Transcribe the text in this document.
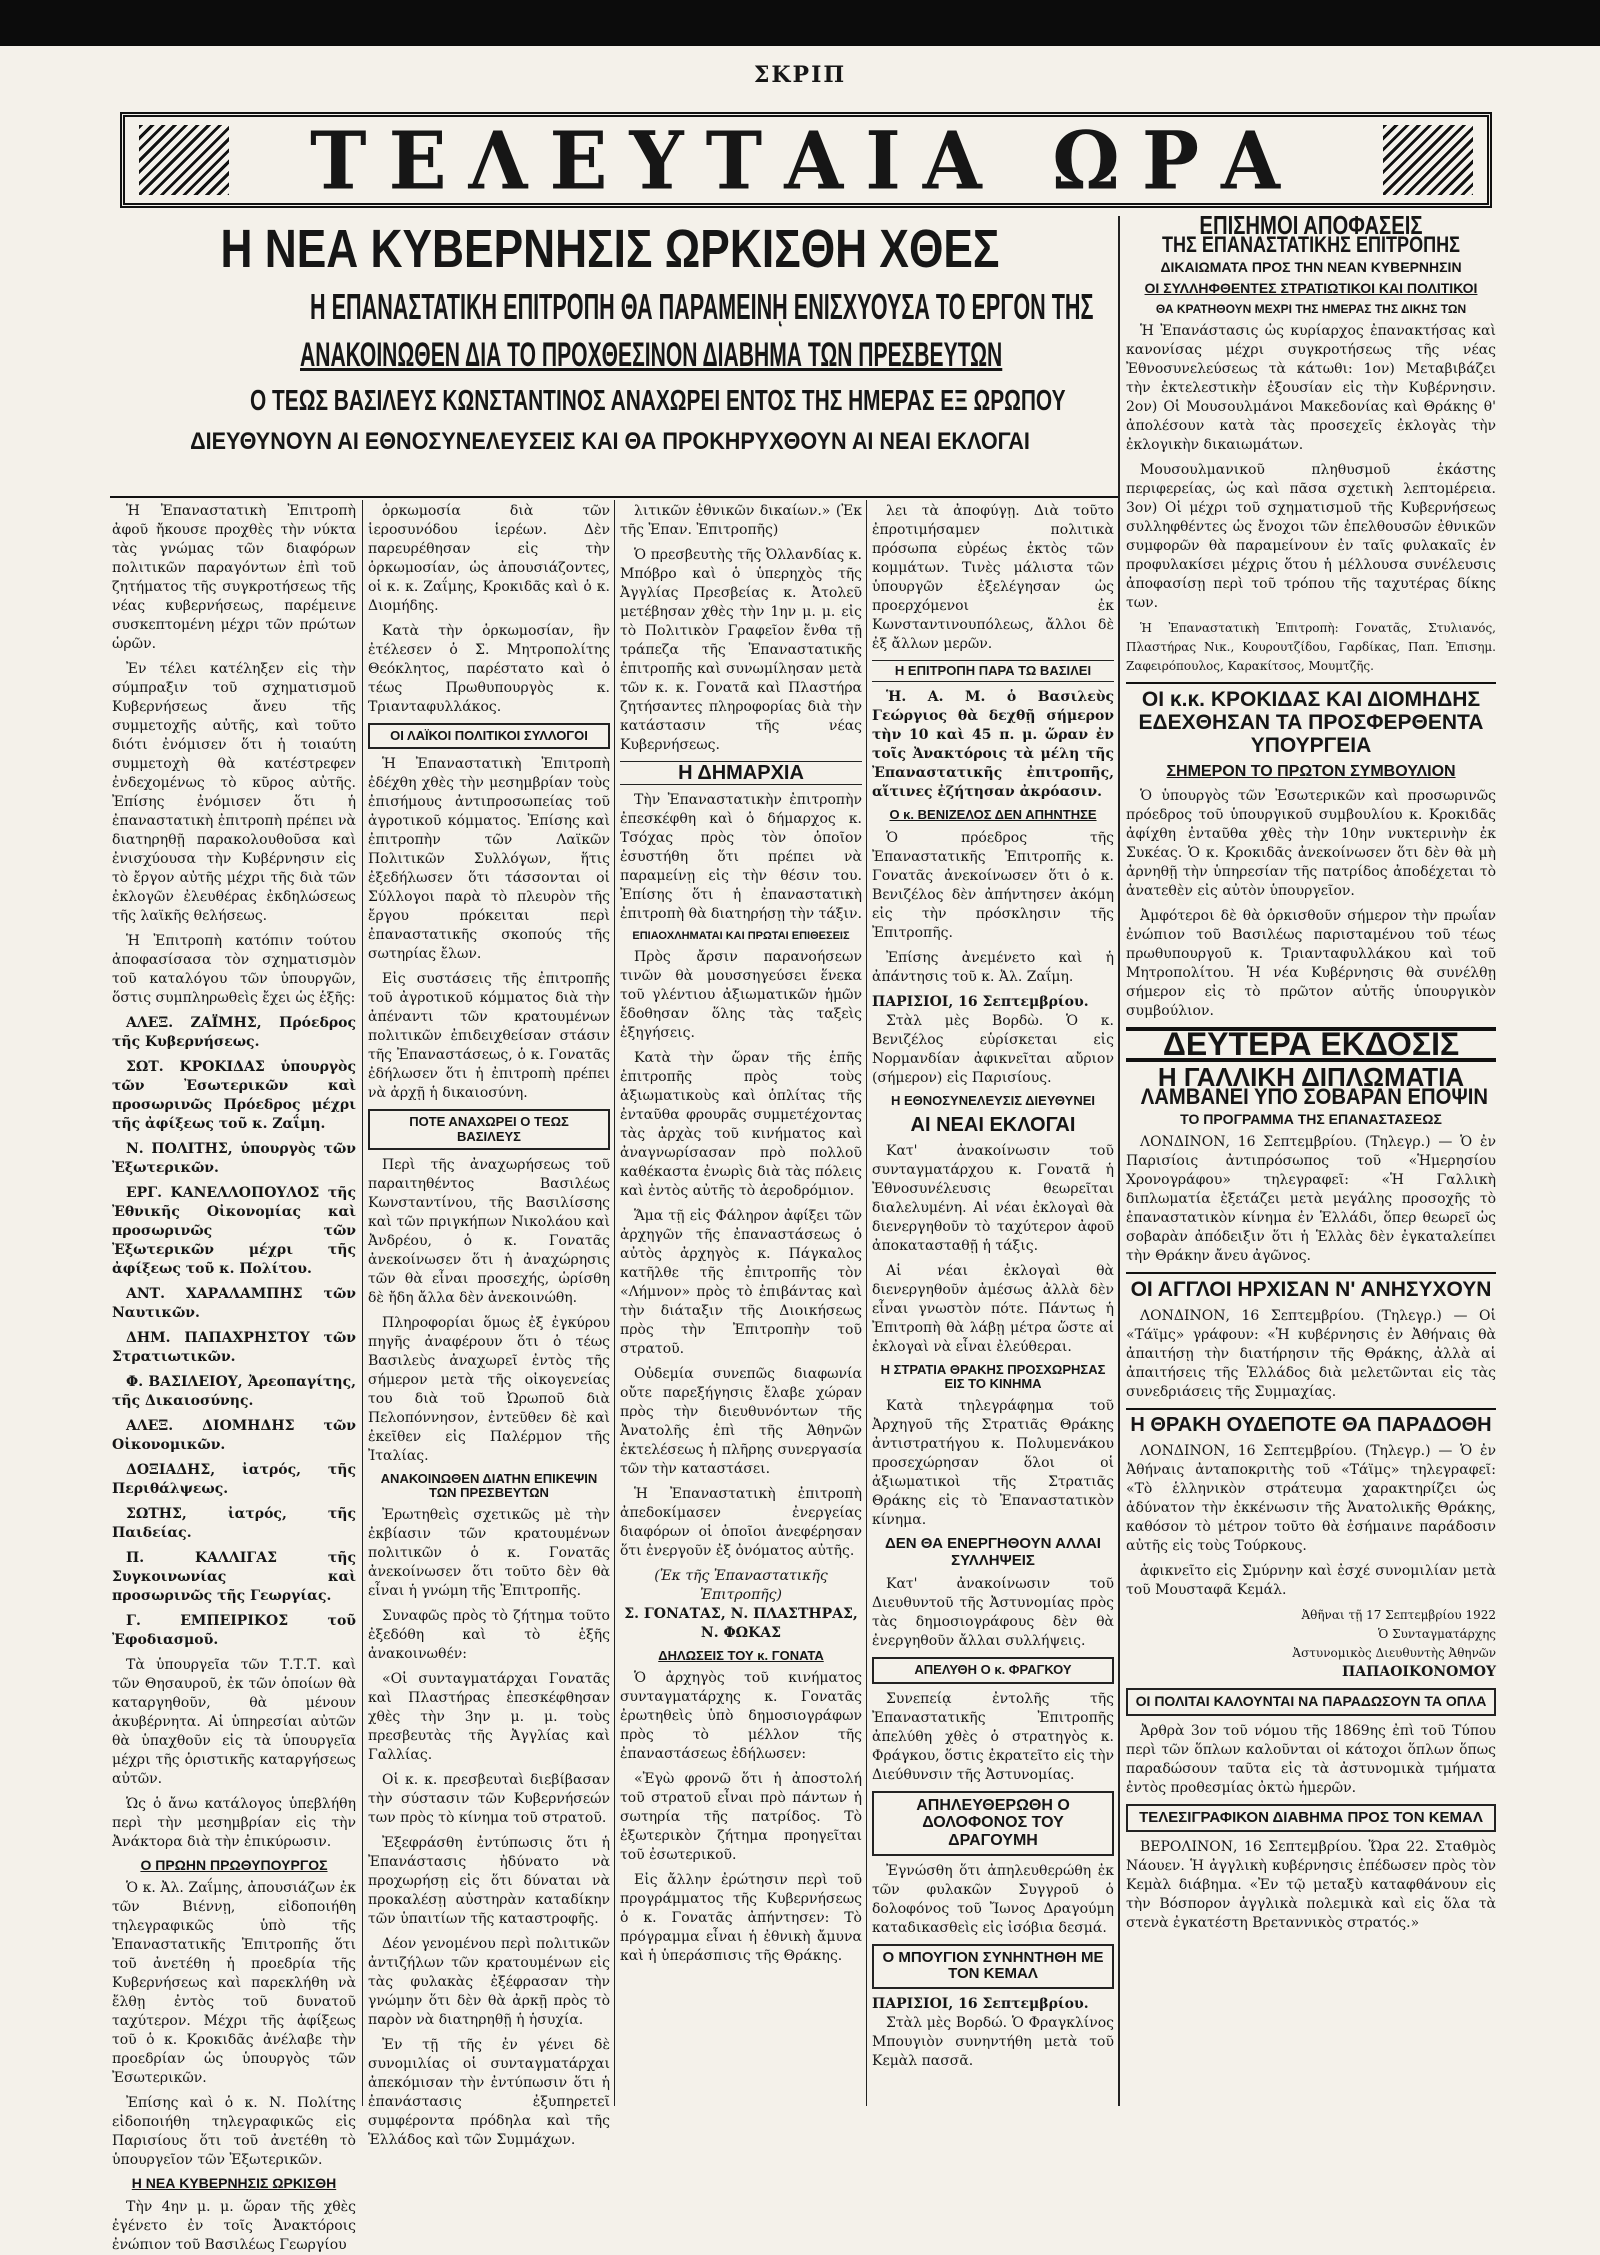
ΣΚΡΙΠ
ΤΕΛΕΥΤΑΙΑ ΩΡΑ
Η ΝΕΑ ΚΥΒΕΡΝΗΣΙΣ ΩΡΚΙΣΘΗ ΧΘΕΣ
Η ΕΠΑΝΑΣΤΑΤΙΚΗ ΕΠΙΤΡΟΠΗ ΘΑ ΠΑΡΑΜΕΙΝῌ ΕΝΙΣΧΥΟΥΣΑ ΤΟ ΕΡΓΟΝ ΤΗΣ
ΑΝΑΚΟΙΝΩΘΕΝ ΔΙΑ ΤΟ ΠΡΟΧΘΕΣΙΝΟΝ ΔΙΑΒΗΜΑ ΤΩΝ ΠΡΕΣΒΕΥΤΩΝ
Ο ΤΕΩΣ ΒΑΣΙΛΕΥΣ ΚΩΝΣΤΑΝΤΙΝΟΣ ΑΝΑΧΩΡΕΙ ΕΝΤΟΣ ΤΗΣ ΗΜΕΡΑΣ ΕΞ ΩΡΩΠΟΥ
ΔΙΕΥΘΥΝΟΥΝ ΑΙ ΕΘΝΟΣΥΝΕΛΕΥΣΕΙΣ ΚΑΙ ΘΑ ΠΡΟΚΗΡΥΧΘΟΥΝ ΑΙ ΝΕΑΙ ΕΚΛΟΓΑΙ

Ἡ Ἐπαναστατικὴ Ἐπιτροπὴ ἀφοῦ ἤκουσε προχθὲς τὴν νύκτα τὰς γνώμας τῶν διαφόρων πολιτικῶν παραγόντων ἐπὶ τοῦ ζητήματος τῆς συγκροτήσεως τῆς νέας κυβερνήσεως, παρέμεινε συσκεπτομένη μέχρι τῶν πρώτων ὡρῶν.

Ἐν τέλει κατέληξεν εἰς τὴν σύμπραξιν τοῦ σχηματισμοῦ Κυβερνήσεως ἄνευ τῆς συμμετοχῆς αὐτῆς, καὶ τοῦτο διότι ἐνόμισεν ὅτι ἡ τοιαύτη συμμετοχὴ θὰ κατέστρεφεν ἐνδεχομένως τὸ κῦρος αὐτῆς. Ἐπίσης ἐνόμισεν ὅτι ἡ ἐπαναστατικὴ ἐπιτροπὴ πρέπει νὰ διατηρηθῇ παρακολουθοῦσα καὶ ἐνισχύουσα τὴν Κυβέρνησιν εἰς τὸ ἔργον αὐτῆς μέχρι τῆς διὰ τῶν ἐκλογῶν ἐλευθέρας ἐκδηλώσεως τῆς λαϊκῆς θελήσεως.

Ἡ Ἐπιτροπὴ κατόπιν τούτου ἀποφασίσασα τὸν σχηματισμὸν τοῦ καταλόγου τῶν ὑπουργῶν, ὅστις συμπληρωθεὶς ἔχει ὡς ἑξῆς:

ΑΛΕΞ. ΖΑΪΜΗΣ, Πρόεδρος τῆς Κυβερνήσεως.

ΣΩΤ. ΚΡΟΚΙΔΑΣ ὑπουργὸς τῶν Ἐσωτερικῶν καὶ προσωρινῶς Πρόεδρος μέχρι τῆς ἀφίξεως τοῦ κ. Ζαΐμη.

Ν. ΠΟΛΙΤΗΣ, ὑπουργὸς τῶν Ἐξωτερικῶν.

ΕΡΓ. ΚΑΝΕΛΛΟΠΟΥΛΟΣ τῆς Ἐθνικῆς Οἰκονομίας καὶ προσωρινῶς τῶν Ἐξωτερικῶν μέχρι τῆς ἀφίξεως τοῦ κ. Πολίτου.

ΑΝΤ. ΧΑΡΑΛΑΜΠΗΣ τῶν Ναυτικῶν.

ΔΗΜ. ΠΑΠΑΧΡΗΣΤΟΥ τῶν Στρατιωτικῶν.

Φ. ΒΑΣΙΛΕΙΟΥ, Ἀρεοπαγίτης, τῆς Δικαιοσύνης.

ΑΛΕΞ. ΔΙΟΜΗΔΗΣ τῶν Οἰκονομικῶν.

ΔΟΞΙΑΔΗΣ, ἰατρός, τῆς Περιθάλψεως.

ΣΩΤΗΣ, ἰατρός, τῆς Παιδείας.

Π. ΚΑΛΛΙΓΑΣ τῆς Συγκοινωνίας καὶ προσωρινῶς τῆς Γεωργίας.

Γ. ΕΜΠΕΙΡΙΚΟΣ τοῦ Ἐφοδιασμοῦ.

Τὰ ὑπουργεῖα τῶν Τ.Τ.Τ. καὶ τῶν Θησαυροῦ, ἐκ τῶν ὁποίων θὰ καταργηθοῦν, θὰ μένουν ἀκυβέρνητα. Αἱ ὑπηρεσίαι αὐτῶν θὰ ὑπαχθοῦν εἰς τὰ ὑπουργεῖα μέχρι τῆς ὁριστικῆς καταργήσεως αὐτῶν.

Ὡς ὁ ἄνω κατάλογος ὑπεβλήθη περὶ τὴν μεσημβρίαν εἰς τὴν Ἀνάκτορα διὰ τὴν ἐπικύρωσιν.

Ο ΠΡΩΗΝ ΠΡΩΘΥΠΟΥΡΓΟΣ

Ὁ κ. Ἀλ. Ζαΐμης, ἀπουσιάζων ἐκ τῶν Βιέννῃ, εἰδοποιήθη τηλεγραφικῶς ὑπὸ τῆς Ἐπαναστατικῆς Ἐπιτροπῆς ὅτι τοῦ ἀνετέθη ἡ προεδρία τῆς Κυβερνήσεως καὶ παρεκλήθη νὰ ἔλθῃ ἐντὸς τοῦ δυνατοῦ ταχύτερον. Μέχρι τῆς ἀφίξεως τοῦ ὁ κ. Κροκιδᾶς ἀνέλαβε τὴν προεδρίαν ὡς ὑπουργὸς τῶν Ἐσωτερικῶν.

Ἐπίσης καὶ ὁ κ. Ν. Πολίτης εἰδοποιήθη τηλεγραφικῶς εἰς Παρισίους ὅτι τοῦ ἀνετέθη τὸ ὑπουργεῖον τῶν Ἐξωτερικῶν.

Η ΝΕΑ ΚΥΒΕΡΝΗΣΙΣ ΩΡΚΙΣΘΗ

Τὴν 4ην μ. μ. ὥραν τῆς χθὲς ἐγένετο ἐν τοῖς Ἀνακτόροις ἐνώπιον τοῦ Βασιλέως Γεωργίου

ὁρκωμοσία διὰ τῶν ἱεροσυνόδου ἱερέων. Δὲν παρευρέθησαν εἰς τὴν ὁρκωμοσίαν, ὡς ἀπουσιάζοντες, οἱ κ. κ. Ζαΐμης, Κροκιδᾶς καὶ ὁ κ. Διομήδης.

Κατὰ τὴν ὁρκωμοσίαν, ἣν ἐτέλεσεν ὁ Σ. Μητροπολίτης Θεόκλητος, παρέστατο καὶ ὁ τέως Πρωθυπουργὸς κ. Τριανταφυλλάκος.

ΟΙ ΛΑΪΚΟΙ ΠΟΛΙΤΙΚΟΙ ΣΥΛΛΟΓΟΙ

Ἡ Ἐπαναστατικὴ Ἐπιτροπὴ ἐδέχθη χθὲς τὴν μεσημβρίαν τοὺς ἐπισήμους ἀντιπροσωπείας τοῦ ἀγροτικοῦ κόμματος. Ἐπίσης καὶ ἐπιτροπὴν τῶν Λαϊκῶν Πολιτικῶν Συλλόγων, ἥτις ἐξεδήλωσεν ὅτι τάσσονται οἱ Σύλλογοι παρὰ τὸ πλευρὸν τῆς ἔργου πρόκειται περὶ ἐπαναστατικῆς σκοπούς τῆς σωτηρίας ἔλων.

Εἰς συστάσεις τῆς ἐπιτροπῆς τοῦ ἀγροτικοῦ κόμματος διὰ τὴν ἀπέναντι τῶν κρατουμένων πολιτικῶν ἐπιδειχθείσαν στάσιν τῆς Ἐπαναστάσεως, ὁ κ. Γονατᾶς ἐδήλωσεν ὅτι ἡ ἐπιτροπὴ πρέπει νὰ ἀρχῇ ἡ δικαιοσύνη.

ΠΟΤΕ ΑΝΑΧΩΡΕΙ Ο ΤΕΩΣ ΒΑΣΙΛΕΥΣ

Περὶ τῆς ἀναχωρήσεως τοῦ παραιτηθέντος Βασιλέως Κωνσταντίνου, τῆς Βασιλίσσης καὶ τῶν πριγκήπων Νικολάου καὶ Ἀνδρέου, ὁ κ. Γονατᾶς ἀνεκοίνωσεν ὅτι ἡ ἀναχώρησις τῶν θὰ εἶναι προσεχής, ὡρίσθη δὲ ἤδη ἄλλα δὲν ἀνεκοινώθη.

Πληροφορίαι ὅμως ἐξ ἐγκύρου πηγῆς ἀναφέρουν ὅτι ὁ τέως Βασιλεὺς ἀναχωρεῖ ἐντὸς τῆς σήμερον μετὰ τῆς οἰκογενείας του διὰ τοῦ Ὠρωποῦ διὰ Πελοπόννησον, ἐντεῦθεν δὲ καὶ ἐκεῖθεν εἰς Παλέρμον τῆς Ἰταλίας.

ΑΝΑΚΟΙΝΩΘΕΝ ΔΙΑΤΗΝ ΕΠΙΚΕΨΙΝ ΤΩΝ ΠΡΕΣΒΕΥΤΩΝ

Ἐρωτηθεὶς σχετικῶς μὲ τὴν ἐκβίασιν τῶν κρατουμένων πολιτικῶν ὁ κ. Γονατᾶς ἀνεκοίνωσεν ὅτι τοῦτο δὲν θὰ εἶναι ἡ γνώμη τῆς Ἐπιτροπῆς.

Συναφῶς πρὸς τὸ ζήτημα τοῦτο ἐξεδόθη καὶ τὸ ἑξῆς ἀνακοινωθέν:

«Οἱ συνταγματάρχαι Γονατᾶς καὶ Πλαστήρας ἐπεσκέφθησαν χθὲς τὴν 3ην μ. μ. τοὺς πρεσβευτὰς τῆς Ἀγγλίας καὶ Γαλλίας.

Οἱ κ. κ. πρεσβευταὶ διεβίβασαν τὴν σύστασιν τῶν Κυβερνήσεών των πρὸς τὸ κίνημα τοῦ στρατοῦ.

Ἐξεφράσθη ἐντύπωσις ὅτι ἡ Ἐπανάστασις ἠδύνατο νὰ προχωρήσῃ εἰς ὅτι δύναται νὰ προκαλέσῃ αὐστηρὰν καταδίκην τῶν ὑπαιτίων τῆς καταστροφῆς.

Δέον γενομένου περὶ πολιτικῶν ἀντιζήλων τῶν κρατουμένων εἰς τὰς φυλακὰς ἐξέφρασαν τὴν γνώμην ὅτι δὲν θὰ ἀρκῇ πρὸς τὸ παρὸν νὰ διατηρηθῇ ἡ ἡσυχία.

Ἐν τῇ τῆς ἐν γένει δὲ συνομιλίας οἱ συνταγματάρχαι ἀπεκόμισαν τὴν ἐντύπωσιν ὅτι ἡ ἐπανάστασις ἐξυπηρετεῖ συμφέροντα πρόδηλα καὶ τῆς Ἑλλάδος καὶ τῶν Συμμάχων.

λιτικῶν ἐθνικῶν δικαίων.» (Ἐκ τῆς Ἐπαν. Ἐπιτροπῆς)

Ὁ πρεσβευτὴς τῆς Ὀλλανδίας κ. Μπόβρο καὶ ὁ ὑπερηχὸς τῆς Ἀγγλίας Πρεσβείας κ. Ἀτολεῦ μετέβησαν χθὲς τὴν 1ην μ. μ. εἰς τὸ Πολιτικὸν Γραφεῖον ἔνθα τῇ τράπεζα τῆς Ἐπαναστατικῆς ἐπιτροπῆς καὶ συνωμίλησαν μετὰ τῶν κ. κ. Γονατᾶ καὶ Πλαστήρα ζητήσαντες πληροφορίας διὰ τὴν κατάστασιν τῆς νέας Κυβερνήσεως.

Η ΔΗΜΑΡΧΙΑ

Τὴν Ἐπαναστατικὴν ἐπιτροπὴν ἐπεσκέφθη καὶ ὁ δήμαρχος κ. Τσόχας πρὸς τὸν ὁποῖον ἐσυστήθη ὅτι πρέπει νὰ παραμείνῃ εἰς τὴν θέσιν του. Ἐπίσης ὅτι ἡ ἐπαναστατικὴ ἐπιτροπὴ θὰ διατηρήσῃ τὴν τάξιν.

ΕΠΙΑΟΧΛΗΜΑΤΑΙ ΚΑΙ ΠΡΩΤΑΙ ΕΠΙΘΕΣΕΙΣ

Πρὸς ἄρσιν παρανοήσεων τινῶν θὰ μουσσηγεύσει ἕνεκα τοῦ γλέντιου ἀξιωματικῶν ἡμῶν ἔδοθησαν ὅλης τὰς ταξεὶς ἐξηγήσεις.

Κατὰ τὴν ὥραν τῆς ἑπῆς ἐπιτροπῆς πρὸς τοὺς ἀξιωματικοὺς καὶ ὁπλίτας τῆς ἐνταῦθα φρουρᾶς συμμετέχοντας τὰς ἀρχὰς τοῦ κινήματος καὶ ἀναγνωρίσασαν πρὸ πολλοῦ καθέκαστα ἐνωρὶς διὰ τὰς πόλεις καὶ ἐντὸς αὐτῆς τὸ ἀεροδρόμιον.

Ἅμα τῇ εἰς Φάληρον ἀφίξει τῶν ἀρχηγῶν τῆς ἐπαναστάσεως ὁ αὐτὸς ἀρχηγὸς κ. Πάγκαλος κατῆλθε τῆς ἐπιτροπῆς τὸν «Λήμνον» πρὸς τὸ ἐπιβάντας καὶ τὴν διάταξιν τῆς Διοικήσεως πρὸς τὴν Ἐπιτροπὴν τοῦ στρατοῦ.

Οὐδεμία συνεπῶς διαφωνία οὔτε παρεξήγησις ἔλαβε χώραν πρὸς τὴν διευθυνόντων τῆς Ἀνατολῆς ἐπὶ τῆς Ἀθηνῶν ἐκτελέσεως ἡ πλῆρης συνεργασία τῶν τὴν καταστάσει.

Ἡ Ἐπαναστατικὴ ἐπιτροπὴ ἀπεδοκίμασεν ἐνεργείας διαφόρων οἱ ὁποῖοι ἀνεφέρησαν ὅτι ἐνεργοῦν ἐξ ὀνόματος αὐτῆς.

(Ἐκ τῆς Ἐπαναστατικῆς Ἐπιτροπῆς)
Σ. ΓΟΝΑΤΑΣ, Ν. ΠΛΑΣΤΗΡΑΣ, Ν. ΦΩΚΑΣ
ΔΗΛΩΣΕΙΣ ΤΟΥ κ. ΓΟΝΑΤΑ

Ὁ ἀρχηγὸς τοῦ κινήματος συνταγματάρχης κ. Γονατᾶς ἐρωτηθεὶς ὑπὸ δημοσιογράφων πρὸς τὸ μέλλον τῆς ἐπαναστάσεως ἐδήλωσεν:

«Ἐγὼ φρονῶ ὅτι ἡ ἀποστολή τοῦ στρατοῦ εἶναι πρὸ πάντων ἡ σωτηρία τῆς πατρίδος. Τὸ ἐξωτερικὸν ζήτημα προηγεῖται τοῦ ἐσωτερικοῦ.

Εἰς ἄλλην ἐρώτησιν περὶ τοῦ προγράμματος τῆς Κυβερνήσεως ὁ κ. Γονατᾶς ἀπήντησεν: Τὸ πρόγραμμα εἶναι ἡ ἐθνικὴ ἄμυνα καὶ ἡ ὑπεράσπισις τῆς Θράκης.

λει τὰ ἀποφύγῃ. Διὰ τοῦτο ἐπροτιμήσαμεν πολιτικὰ πρόσωπα εὐρέως ἐκτὸς τῶν κομμάτων. Τινὲς μάλιστα τῶν ὑπουργῶν ἐξελέγησαν ὡς προερχόμενοι ἐκ Κωνσταντινουπόλεως, ἄλλοι δὲ ἐξ ἄλλων μερῶν.

Η ΕΠΙΤΡΟΠΗ ΠΑΡΑ ΤΩ ΒΑΣΙΛΕΙ

Ἡ. Α. Μ. ὁ Βασιλεὺς Γεώργιος θὰ δεχθῇ σήμερον τὴν 10 καὶ 45 π. μ. ὥραν ἐν τοῖς Ἀνακτόροις τὰ μέλη τῆς Ἐπαναστατικῆς ἐπιτροπῆς, αἵτινες ἐζήτησαν ἀκρόασιν.

Ο κ. ΒΕΝΙΖΕΛΟΣ ΔΕΝ ΑΠΗΝΤΗΣΕ

Ὁ πρόεδρος τῆς Ἐπαναστατικῆς Ἐπιτροπῆς κ. Γονατᾶς ἀνεκοίνωσεν ὅτι ὁ κ. Βενιζέλος δὲν ἀπήντησεν ἀκόμη εἰς τὴν πρόσκλησιν τῆς Ἐπιτροπῆς.

Ἐπίσης ἀνεμένετο καὶ ἡ ἀπάντησις τοῦ κ. Ἀλ. Ζαΐμη.

ΠΑΡΙΣΙΟΙ, 16 Σεπτεμβρίου.

Στὰλ μὲς Βορδὼ. Ὁ κ. Βενιζέλος εὑρίσκεται εἰς Νορμανδίαν ἀφικνεῖται αὔριον (σήμερον) εἰς Παρισίους.

Η ΕΘΝΟΣΥΝΕΛΕΥΣΙΣ ΔΙΕΥΘΥΝΕΙ
ΑΙ ΝΕΑΙ ΕΚΛΟΓΑΙ

Κατ' ἀνακοίνωσιν τοῦ συνταγματάρχου κ. Γονατᾶ ἡ Ἐθνοσυνέλευσις θεωρεῖται διαλελυμένη. Αἱ νέαι ἐκλογαὶ θὰ διενεργηθοῦν τὸ ταχύτερον ἀφοῦ ἀποκατασταθῇ ἡ τάξις.

Αἱ νέαι ἐκλογαὶ θὰ διενεργηθοῦν ἀμέσως ἀλλὰ δὲν εἶναι γνωστὸν πότε. Πάντως ἡ Ἐπιτροπὴ θὰ λάβῃ μέτρα ὥστε αἱ ἐκλογαὶ νὰ εἶναι ἐλεύθεραι.

Η ΣΤΡΑΤΙΑ ΘΡΑΚΗΣ ΠΡΟΣΧΩΡΗΣΑΣ ΕΙΣ ΤΟ ΚΙΝΗΜΑ

Κατὰ τηλεγράφημα τοῦ Ἀρχηγοῦ τῆς Στρατιᾶς Θράκης ἀντιστρατήγου κ. Πολυμενάκου προσεχώρησαν ὅλοι οἱ ἀξιωματικοὶ τῆς Στρατιᾶς Θράκης εἰς τὸ Ἐπαναστατικὸν κίνημα.

ΔΕΝ ΘΑ ΕΝΕΡΓΗΘΟΥΝ ΑΛΛΑΙ ΣΥΛΛΗΨΕΙΣ

Κατ' ἀνακοίνωσιν τοῦ Διευθυντοῦ τῆς Ἀστυνομίας πρὸς τὰς δημοσιογράφους δὲν θὰ ἐνεργηθοῦν ἄλλαι συλλήψεις.

ΑΠΕΛΥΘΗ Ο κ. ΦΡΑΓΚΟΥ

Συνεπείᾳ ἐντολῆς τῆς Ἐπαναστατικῆς Ἐπιτροπῆς ἀπελύθη χθὲς ὁ στρατηγὸς κ. Φράγκου, ὅστις ἐκρατεῖτο εἰς τὴν Διεύθυνσιν τῆς Ἀστυνομίας.

ΑΠΗΛΕΥΘΕΡΩΘΗ Ο ΔΟΛΟΦΟΝΟΣ ΤΟΥ ΔΡΑΓΟΥΜΗ

Ἐγνώσθη ὅτι ἀπηλευθερώθη ἐκ τῶν φυλακῶν Συγγροῦ ὁ δολοφόνος τοῦ Ἴωνος Δραγούμη καταδικασθεὶς εἰς ἰσόβια δεσμά.

Ο ΜΠΟΥΓΙΟΝ ΣΥΝΗΝΤΗΘΗ ΜΕ ΤΟΝ ΚΕΜΑΛ
ΠΑΡΙΣΙΟΙ, 16 Σεπτεμβρίου.

Στὰλ μὲς Βορδώ. Ὁ Φραγκλίνος Μπουγιὸν συνηντήθη μετὰ τοῦ Κεμὰλ πασσᾶ.

ΕΠΙΣΗΜΟΙ ΑΠΟΦΑΣΕΙΣ
ΤΗΣ ΕΠΑΝΑΣΤΑΤΙΚΗΣ ΕΠΙΤΡΟΠΗΣ
ΔΙΚΑΙΩΜΑΤΑ ΠΡΟΣ ΤΗΝ ΝΕΑΝ ΚΥΒΕΡΝΗΣΙΝ
ΟΙ ΣΥΛΛΗΦΘΕΝΤΕΣ ΣΤΡΑΤΙΩΤΙΚΟΙ ΚΑΙ ΠΟΛΙΤΙΚΟΙ
ΘΑ ΚΡΑΤΗΘΟΥΝ ΜΕΧΡΙ ΤΗΣ ΗΜΕΡΑΣ ΤΗΣ ΔΙΚΗΣ ΤΩΝ

Ἡ Ἐπανάστασις ὡς κυρίαρχος ἐπανακτήσας καὶ κανονίσας μέχρι συγκροτήσεως τῆς νέας Ἐθνοσυνελεύσεως τὰ κάτωθι: 1ον) Μεταβιβάζει τὴν ἐκτελεστικὴν ἐξουσίαν εἰς τὴν Κυβέρνησιν. 2ον) Οἱ Μουσουλμάνοι Μακεδονίας καὶ Θράκης θ' ἀπολέσουν κατὰ τὰς προσεχεῖς ἐκλογὰς τὴν ἐκλογικὴν δικαιωμάτων.

Μουσουλμανικοῦ πληθυσμοῦ ἑκάστης περιφερείας, ὡς καὶ πᾶσα σχετικὴ λεπτομέρεια. 3ον) Οἱ μέχρι τοῦ σχηματισμοῦ τῆς Κυβερνήσεως συλληφθέντες ὡς ἔνοχοι τῶν ἐπελθουσῶν ἐθνικῶν συμφορῶν θὰ παραμείνουν ἐν ταῖς φυλακαῖς ἐν προφυλακίσει μέχρις ὅτου ἡ μέλλουσα συνέλευσις ἀποφασίσῃ περὶ τοῦ τρόπου τῆς ταχυτέρας δίκης των.

Ἡ Ἐπαναστατικὴ Ἐπιτροπὴ: Γονατᾶς, Στυλιανός, Πλαστήρας Νικ., Κουρουτζίδου, Γαρδίκας, Παπ. Ἐπισημ. Ζαφειρόπουλος, Καρακίτσος, Μουμτζῆς.

ΟΙ κ.κ. ΚΡΟΚΙΔΑΣ ΚΑΙ ΔΙΟΜΗΔΗΣ ΕΔΕΧΘΗΣΑΝ ΤΑ ΠΡΟΣΦΕΡΘΕΝΤΑ ΥΠΟΥΡΓΕΙΑ
ΣΗΜΕΡΟΝ ΤΟ ΠΡΩΤΟΝ ΣΥΜΒΟΥΛΙΟΝ

Ὁ ὑπουργὸς τῶν Ἐσωτερικῶν καὶ προσωρινῶς πρόεδρος τοῦ ὑπουργικοῦ συμβουλίου κ. Κροκιδᾶς ἀφίχθη ἐνταῦθα χθὲς τὴν 10ην νυκτερινὴν ἐκ Συκέας. Ὁ κ. Κροκιδᾶς ἀνεκοίνωσεν ὅτι δὲν θὰ μὴ ἀρνηθῇ τὴν ὑπηρεσίαν τῆς πατρίδος ἀποδέχεται τὸ ἀνατεθὲν εἰς αὐτὸν ὑπουργεῖον.

Ἀμφότεροι δὲ θὰ ὁρκισθοῦν σήμερον τὴν πρωΐαν ἐνώπιον τοῦ Βασιλέως παρισταμένου τοῦ τέως πρωθυπουργοῦ κ. Τριανταφυλλάκου καὶ τοῦ Μητροπολίτου. Ἡ νέα Κυβέρνησις θὰ συνέλθῃ σήμερον εἰς τὸ πρῶτον αὐτῆς ὑπουργικὸν συμβούλιον.

ΔΕΥΤΕΡΑ ΕΚΔΟΣΙΣ
Η ΓΑΛΛΙΚΗ ΔΙΠΛΩΜΑΤΙΑ
ΛΑΜΒΑΝΕΙ ΥΠΟ ΣΟΒΑΡΑΝ ΕΠΟΨΙΝ
ΤΟ ΠΡΟΓΡΑΜΜΑ ΤΗΣ ΕΠΑΝΑΣΤΑΣΕΩΣ

ΛΟΝΔΙΝΟΝ, 16 Σεπτεμβρίου. (Τηλεγρ.) — Ὁ ἐν Παρισίοις ἀντιπρόσωπος τοῦ «Ἡμερησίου Χρονογράφου» τηλεγραφεῖ: «Ἡ Γαλλικὴ διπλωματία ἐξετάζει μετὰ μεγάλης προσοχῆς τὸ ἐπαναστατικὸν κίνημα ἐν Ἑλλάδι, ὅπερ θεωρεῖ ὡς σοβαρὰν ἀπόδειξιν ὅτι ἡ Ἑλλὰς δὲν ἐγκαταλείπει τὴν Θράκην ἄνευ ἀγῶνος.

ΟΙ ΑΓΓΛΟΙ ΗΡΧΙΣΑΝ Ν' ΑΝΗΣΥΧΟΥΝ

ΛΟΝΔΙΝΟΝ, 16 Σεπτεμβρίου. (Τηλεγρ.) — Οἱ «Τάϊμς» γράφουν: «Ἡ κυβέρνησις ἐν Ἀθήναις θὰ ἀπαιτήσῃ τὴν διατήρησιν τῆς Θράκης, ἀλλὰ αἱ ἀπαιτήσεις τῆς Ἑλλάδος διὰ μελετῶνται εἰς τὰς συνεδριάσεις τῆς Συμμαχίας.

Η ΘΡΑΚΗ ΟΥΔΕΠΟΤΕ ΘΑ ΠΑΡΑΔΟΘΗ

ΛΟΝΔΙΝΟΝ, 16 Σεπτεμβρίου. (Τηλεγρ.) — Ὁ ἐν Ἀθήναις ἀνταποκριτὴς τοῦ «Τάϊμς» τηλεγραφεῖ: «Τὸ ἑλληνικὸν στράτευμα χαρακτηρίζει ὡς ἀδύνατον τὴν ἐκκένωσιν τῆς Ἀνατολικῆς Θράκης, καθόσον τὸ μέτρον τοῦτο θὰ ἐσήμαινε παράδοσιν αὐτῆς εἰς τοὺς Τούρκους.

ἀφικνεῖτο εἰς Σμύρνην καὶ ἐσχέ συνομιλίαν μετὰ τοῦ Μουσταφᾶ Κεμάλ.

Ἀθῆναι τῇ 17 Σεπτεμβρίου 1922
Ὁ Συνταγματάρχης
Ἀστυνομικὸς Διευθυντὴς Ἀθηνῶν
ΠΑΠΑΟΙΚΟΝΟΜΟΥ
ΟΙ ΠΟΛΙΤΑΙ ΚΑΛΟΥΝΤΑΙ ΝΑ ΠΑΡΑΔΩΣΟΥΝ ΤΑ ΟΠΛΑ

Ἀρθρὰ 3ον τοῦ νόμου τῆς 1869ης ἐπὶ τοῦ Τύπου περὶ τῶν ὅπλων καλοῦνται οἱ κάτοχοι ὅπλων ὅπως παραδώσουν ταῦτα εἰς τὰ ἀστυνομικὰ τμήματα ἐντὸς προθεσμίας ὀκτὼ ἡμερῶν.

ΤΕΛΕΣΙΓΡΑΦΙΚΟΝ ΔΙΑΒΗΜΑ ΠΡΟΣ ΤΟΝ ΚΕΜΑΛ

ΒΕΡΟΛΙΝΟΝ, 16 Σεπτεμβρίου. Ὥρα 22. Σταθμὸς Νάουεν. Ἡ ἀγγλικὴ κυβέρνησις ἐπέδωσεν πρὸς τὸν Κεμὰλ διάβημα. «Ἐν τῷ μεταξὺ καταφθάνουν εἰς τὴν Βόσπορον ἀγγλικὰ πολεμικὰ καὶ εἰς ὅλα τὰ στενὰ ἐγκατέστη Βρεταννικὸς στρατός.»
